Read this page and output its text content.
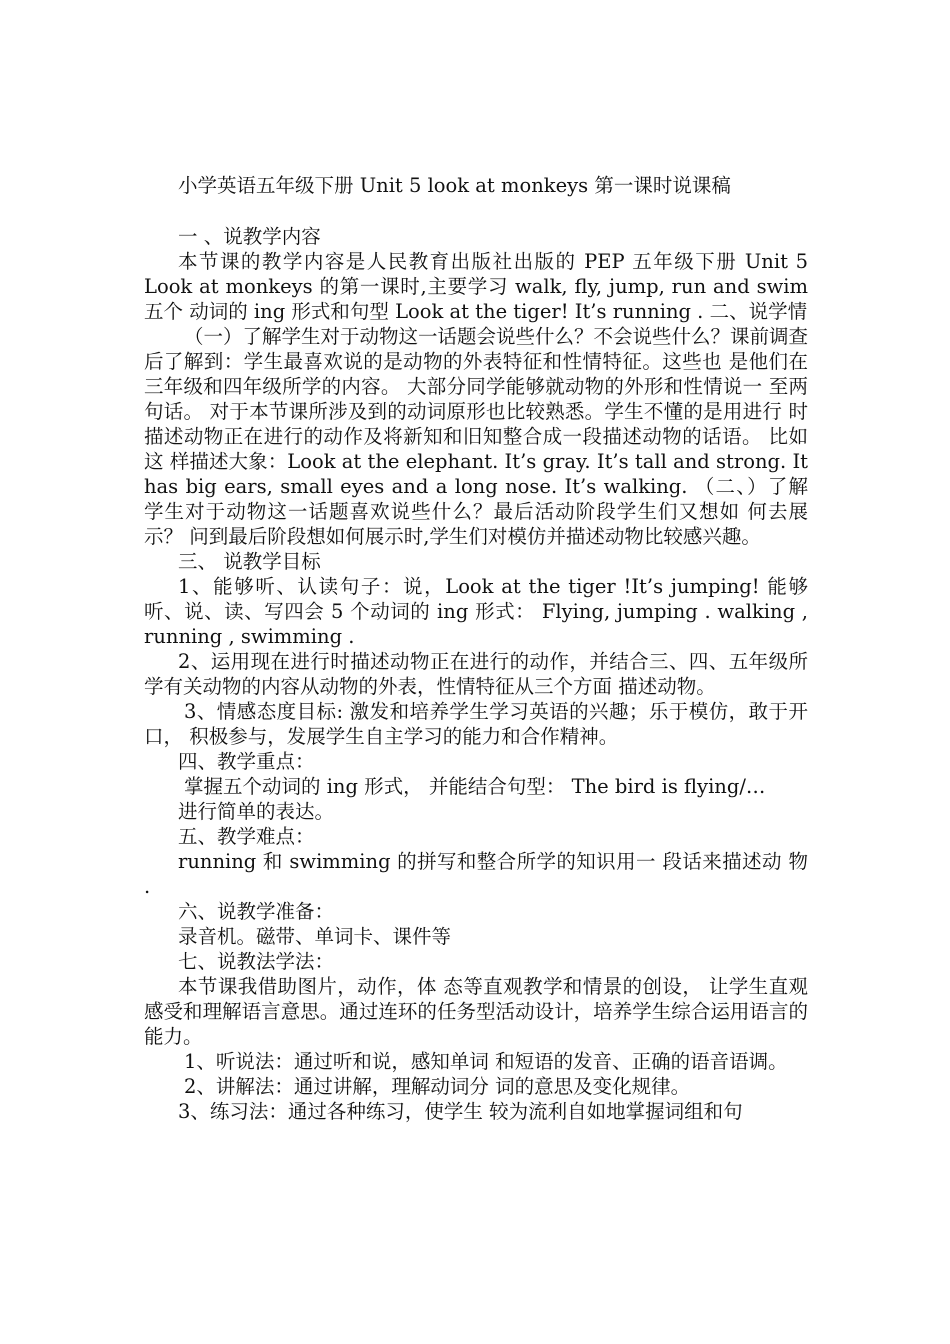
小学英语五年级下册 Unit 5 look at monkeys 第一课时说课稿

一 、说教学内容

本节课的教学内容是人民教育出版社出版的 PEP 五年级下册 Unit 5 Look at monkeys 的第一课时,主要学习 walk, fly, jump, run and swim 五个 动词的 ing 形式和句型 Look at the tiger! It’s running . 二、说学情

（一）了解学生对于动物这一话题会说些什么？不会说些什么？课前调查后了解到：学生最喜欢说的是动物的外表特征和性情特征。这些也 是他们在三年级和四年级所学的内容。 大部分同学能够就动物的外形和性情说一 至两句话。 对于本节课所涉及到的动词原形也比较熟悉。学生不懂的是用进行 时描述动物正在进行的动作及将新知和旧知整合成一段描述动物的话语。 比如这 样描述大象：Look at the elephant. It’s gray. It’s tall and strong. It has big ears, small eyes and a long nose. It’s walking. （二、）了解学生对于动物这一话题喜欢说些什么？最后活动阶段学生们又想如 何去展示？ 问到最后阶段想如何展示时,学生们对模仿并描述动物比较感兴趣。

三、 说教学目标

1、能够听、认读句子：说，Look at the tiger !It’s jumping! 能够听、说、读、写四会 5 个动词的 ing 形式： Flying, jumping . walking , running , swimming .

2、运用现在进行时描述动物正在进行的动作，并结合三、四、五年级所学有关动物的内容从动物的外表，性情特征从三个方面 描述动物。

3、情感态度目标: 激发和培养学生学习英语的兴趣；乐于模仿，敢于开口， 积极参与，发展学生自主学习的能力和合作精神。

四、教学重点：

掌握五个动词的 ing 形式， 并能结合句型： The bird is flying/…

进行简单的表达。

五、教学难点：

running 和 swimming 的拼写和整合所学的知识用一 段话来描述动 物 .

六、说教学准备：

录音机。磁带、单词卡、课件等

七、说教法学法：

本节课我借助图片，动作，体 态等直观教学和情景的创设， 让学生直观感受和理解语言意思。通过连环的任务型活动设计，培养学生综合运用语言的 能力。

1、听说法：通过听和说，感知单词 和短语的发音、正确的语音语调。

2、讲解法：通过讲解，理解动词分 词的意思及变化规律。

3、练习法：通过各种练习，使学生 较为流利自如地掌握词组和句
